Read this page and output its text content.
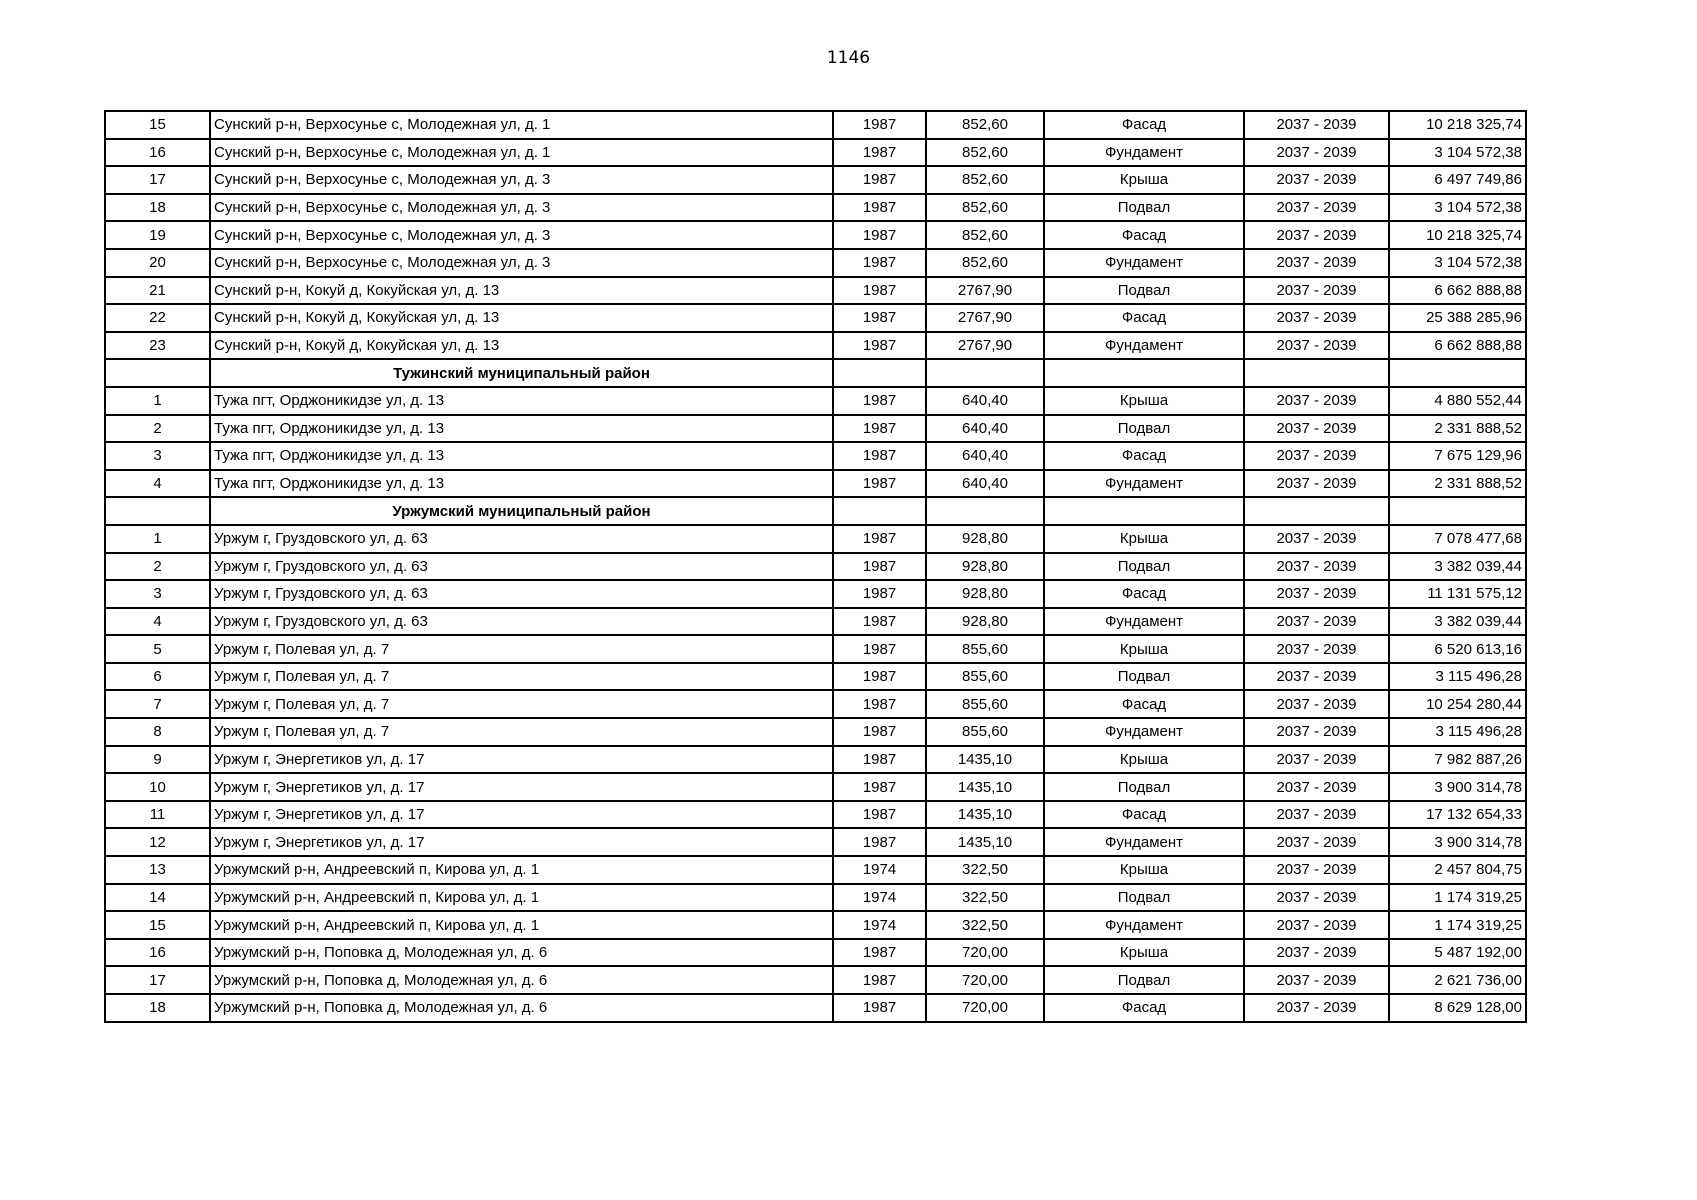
1146
15	Сунский р-н, Верхосунье с, Молодежная ул, д. 1	1987	852,60	Фасад	2037 - 2039	10 218 325,74
16	Сунский р-н, Верхосунье с, Молодежная ул, д. 1	1987	852,60	Фундамент	2037 - 2039	3 104 572,38
17	Сунский р-н, Верхосунье с, Молодежная ул, д. 3	1987	852,60	Крыша	2037 - 2039	6 497 749,86
18	Сунский р-н, Верхосунье с, Молодежная ул, д. 3	1987	852,60	Подвал	2037 - 2039	3 104 572,38
19	Сунский р-н, Верхосунье с, Молодежная ул, д. 3	1987	852,60	Фасад	2037 - 2039	10 218 325,74
20	Сунский р-н, Верхосунье с, Молодежная ул, д. 3	1987	852,60	Фундамент	2037 - 2039	3 104 572,38
21	Сунский р-н, Кокуй д, Кокуйская ул, д. 13	1987	2767,90	Подвал	2037 - 2039	6 662 888,88
22	Сунский р-н, Кокуй д, Кокуйская ул, д. 13	1987	2767,90	Фасад	2037 - 2039	25 388 285,96
23	Сунский р-н, Кокуй д, Кокуйская ул, д. 13	1987	2767,90	Фундамент	2037 - 2039	6 662 888,88
	Тужинский муниципальный район					
1	Тужа пгт, Орджоникидзе ул, д. 13	1987	640,40	Крыша	2037 - 2039	4 880 552,44
2	Тужа пгт, Орджоникидзе ул, д. 13	1987	640,40	Подвал	2037 - 2039	2 331 888,52
3	Тужа пгт, Орджоникидзе ул, д. 13	1987	640,40	Фасад	2037 - 2039	7 675 129,96
4	Тужа пгт, Орджоникидзе ул, д. 13	1987	640,40	Фундамент	2037 - 2039	2 331 888,52
	Уржумский муниципальный район					
1	Уржум г, Груздовского ул, д. 63	1987	928,80	Крыша	2037 - 2039	7 078 477,68
2	Уржум г, Груздовского ул, д. 63	1987	928,80	Подвал	2037 - 2039	3 382 039,44
3	Уржум г, Груздовского ул, д. 63	1987	928,80	Фасад	2037 - 2039	11 131 575,12
4	Уржум г, Груздовского ул, д. 63	1987	928,80	Фундамент	2037 - 2039	3 382 039,44
5	Уржум г, Полевая ул, д. 7	1987	855,60	Крыша	2037 - 2039	6 520 613,16
6	Уржум г, Полевая ул, д. 7	1987	855,60	Подвал	2037 - 2039	3 115 496,28
7	Уржум г, Полевая ул, д. 7	1987	855,60	Фасад	2037 - 2039	10 254 280,44
8	Уржум г, Полевая ул, д. 7	1987	855,60	Фундамент	2037 - 2039	3 115 496,28
9	Уржум г, Энергетиков ул, д. 17	1987	1435,10	Крыша	2037 - 2039	7 982 887,26
10	Уржум г, Энергетиков ул, д. 17	1987	1435,10	Подвал	2037 - 2039	3 900 314,78
11	Уржум г, Энергетиков ул, д. 17	1987	1435,10	Фасад	2037 - 2039	17 132 654,33
12	Уржум г, Энергетиков ул, д. 17	1987	1435,10	Фундамент	2037 - 2039	3 900 314,78
13	Уржумский р-н, Андреевский п, Кирова ул, д. 1	1974	322,50	Крыша	2037 - 2039	2 457 804,75
14	Уржумский р-н, Андреевский п, Кирова ул, д. 1	1974	322,50	Подвал	2037 - 2039	1 174 319,25
15	Уржумский р-н, Андреевский п, Кирова ул, д. 1	1974	322,50	Фундамент	2037 - 2039	1 174 319,25
16	Уржумский р-н, Поповка д, Молодежная ул, д. 6	1987	720,00	Крыша	2037 - 2039	5 487 192,00
17	Уржумский р-н, Поповка д, Молодежная ул, д. 6	1987	720,00	Подвал	2037 - 2039	2 621 736,00
18	Уржумский р-н, Поповка д, Молодежная ул, д. 6	1987	720,00	Фасад	2037 - 2039	8 629 128,00
